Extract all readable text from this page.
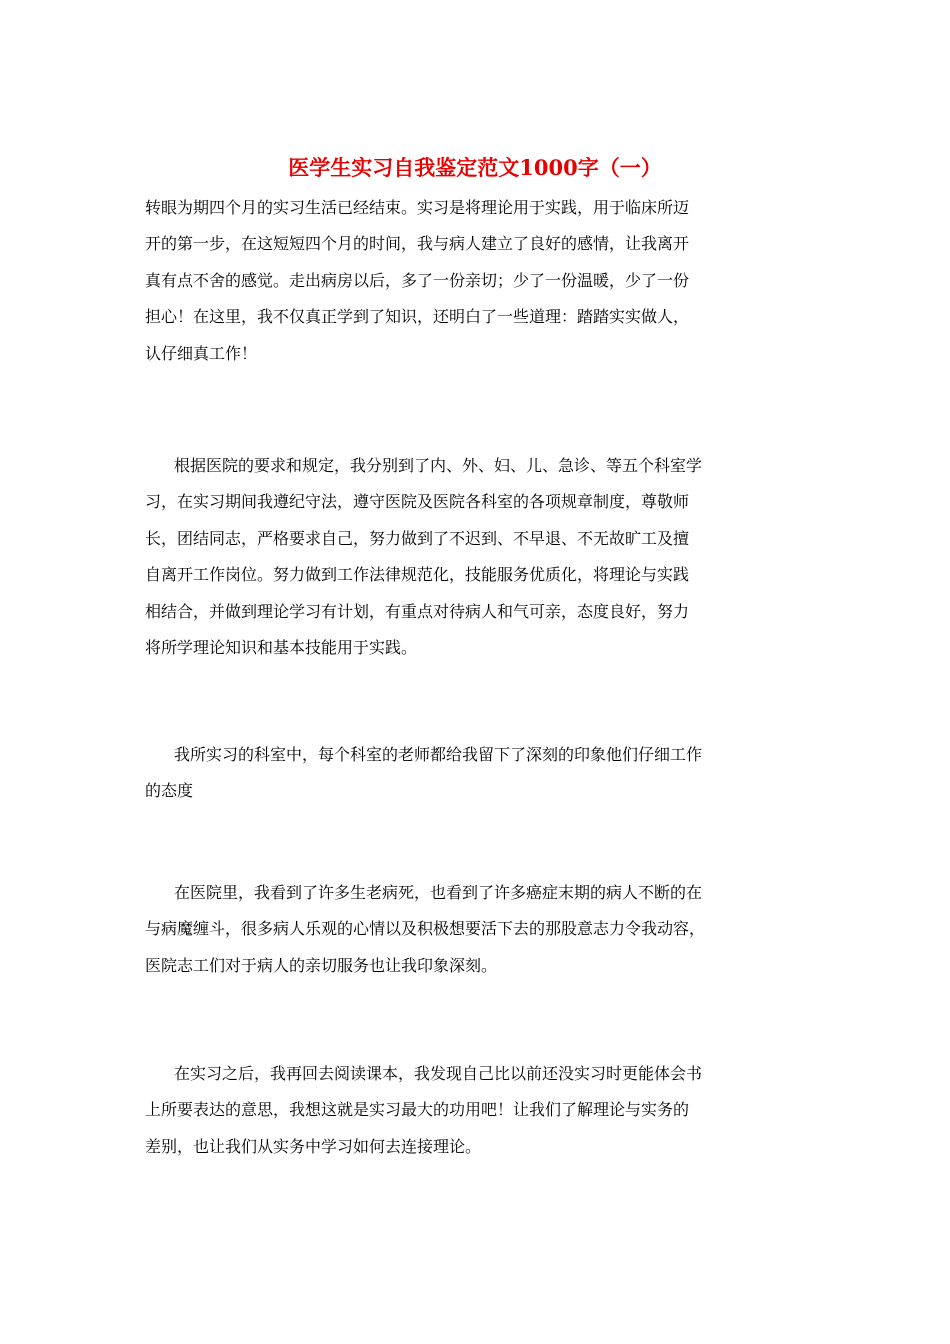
医学生实习自我鉴定范文1000字（一）
转眼为期四个月的实习生活已经结束。实习是将理论用于实践，用于临床所迈
开的第一步，在这短短四个月的时间，我与病人建立了良好的感情，让我离开
真有点不舍的感觉。走出病房以后，多了一份亲切；少了一份温暖，少了一份
担心！在这里，我不仅真正学到了知识，还明白了一些道理：踏踏实实做人，
认仔细真工作！
根据医院的要求和规定，我分别到了内、外、妇、儿、急诊、等五个科室学
习，在实习期间我遵纪守法，遵守医院及医院各科室的各项规章制度，尊敬师
长，团结同志，严格要求自己，努力做到了不迟到、不早退、不无故旷工及擅
自离开工作岗位。努力做到工作法律规范化，技能服务优质化，将理论与实践
相结合，并做到理论学习有计划，有重点对待病人和气可亲，态度良好，努力
将所学理论知识和基本技能用于实践。
我所实习的科室中，每个科室的老师都给我留下了深刻的印象他们仔细工作
的态度
在医院里，我看到了许多生老病死，也看到了许多癌症末期的病人不断的在
与病魔缠斗，很多病人乐观的心情以及积极想要活下去的那股意志力令我动容，
医院志工们对于病人的亲切服务也让我印象深刻。
在实习之后，我再回去阅读课本，我发现自己比以前还没实习时更能体会书
上所要表达的意思，我想这就是实习最大的功用吧！让我们了解理论与实务的
差别，也让我们从实务中学习如何去连接理论。
